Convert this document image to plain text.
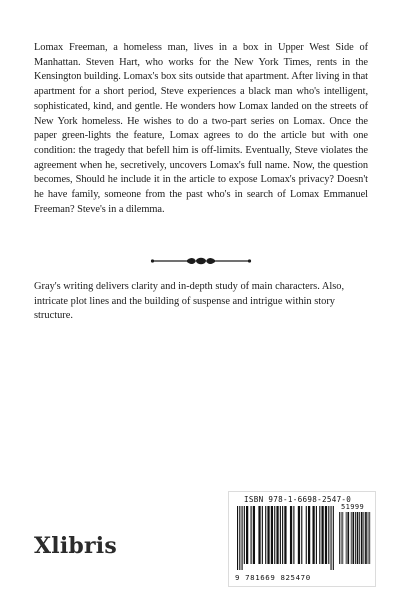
Lomax Freeman, a homeless man, lives in a box in Upper West Side of Manhattan. Steven Hart, who works for the New York Times, rents in the Kensington building. Lomax's box sits outside that apartment. After living in that apartment for a short period, Steve experiences a black man who's intelligent, sophisticated, kind, and gentle. He wonders how Lomax landed on the streets of New York homeless. He wishes to do a two-part series on Lomax. Once the paper green-lights the feature, Lomax agrees to do the article but with one condition: the tragedy that befell him is off-limits. Eventually, Steve violates the agreement when he, secretively, uncovers Lomax's full name. Now, the question becomes, Should he include it in the article to expose Lomax's privacy? Doesn't he have family, someone from the past who's in search of Lomax Emmanuel Freeman? Steve's in a dilemma.

Gray's writing delivers clarity and in-depth study of main characters. Also, intricate plot lines and the building of suspense and intrigue within story structure.

Xlibris
ISBN 978-1-6698-2547-0
51999
9 781669 825470
